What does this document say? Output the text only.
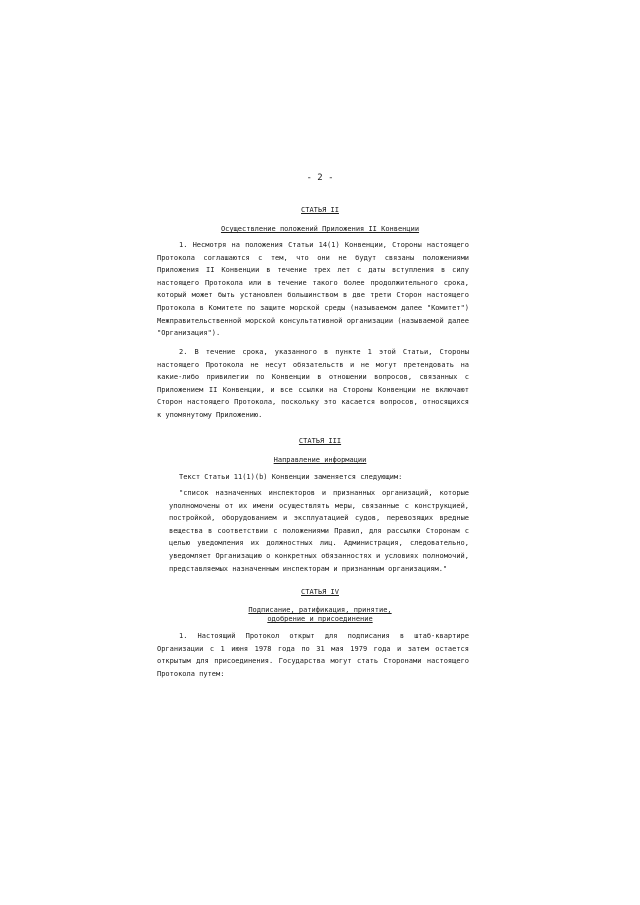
- 2 -
СТАТЬЯ II
Осуществление положений Приложения II Конвенции

1. Несмотря на положения Статьи 14(1) Конвенции, Стороны настоящего Протокола соглашаются с тем, что они не будут связаны положениями Приложения II Конвенции в течение трех лет с даты вступления в силу настоящего Протокола или в течение такого более продолжительного срока, который может быть установлен большинством в две трети Сторон настоящего Протокола в Комитете по защите морской среды (называемом далее "Комитет") Межправительственной морской консультативной организации (называемой далее "Организация").

2. В течение срока, указанного в пункте 1 этой Статьи, Стороны настоящего Протокола не несут обязательств и не могут претендовать на какие-либо привилегии по Конвенции в отношении вопросов, связанных с Приложением II Конвенции, и все ссылки на Стороны Конвенции не включают Сторон настоящего Протокола, поскольку это касается вопросов, относящихся к упомянутому Приложению.

СТАТЬЯ III
Направление информации

Текст Статьи 11(1)(b) Конвенции заменяется следующим:

"список назначенных инспекторов и признанных организаций, которые уполномочены от их имени осуществлять меры, связанные с конструкцией, постройкой, оборудованием и эксплуатацией судов, перевозящих вредные вещества в соответствии с положениями Правил, для рассылки Сторонам с целью уведомления их должностных лиц. Администрация, следовательно, уведомляет Организацию о конкретных обязанностях и условиях полномочий, представляемых назначенным инспекторам и признанным организациям."

СТАТЬЯ IV
Подписание, ратификация, принятие,
одобрение и присоединение

1. Настоящий Протокол открыт для подписания в штаб-квартире Организации с 1 июня 1978 года по 31 мая 1979 года и затем остается открытым для присоединения. Государства могут стать Сторонами настоящего Протокола путем:
